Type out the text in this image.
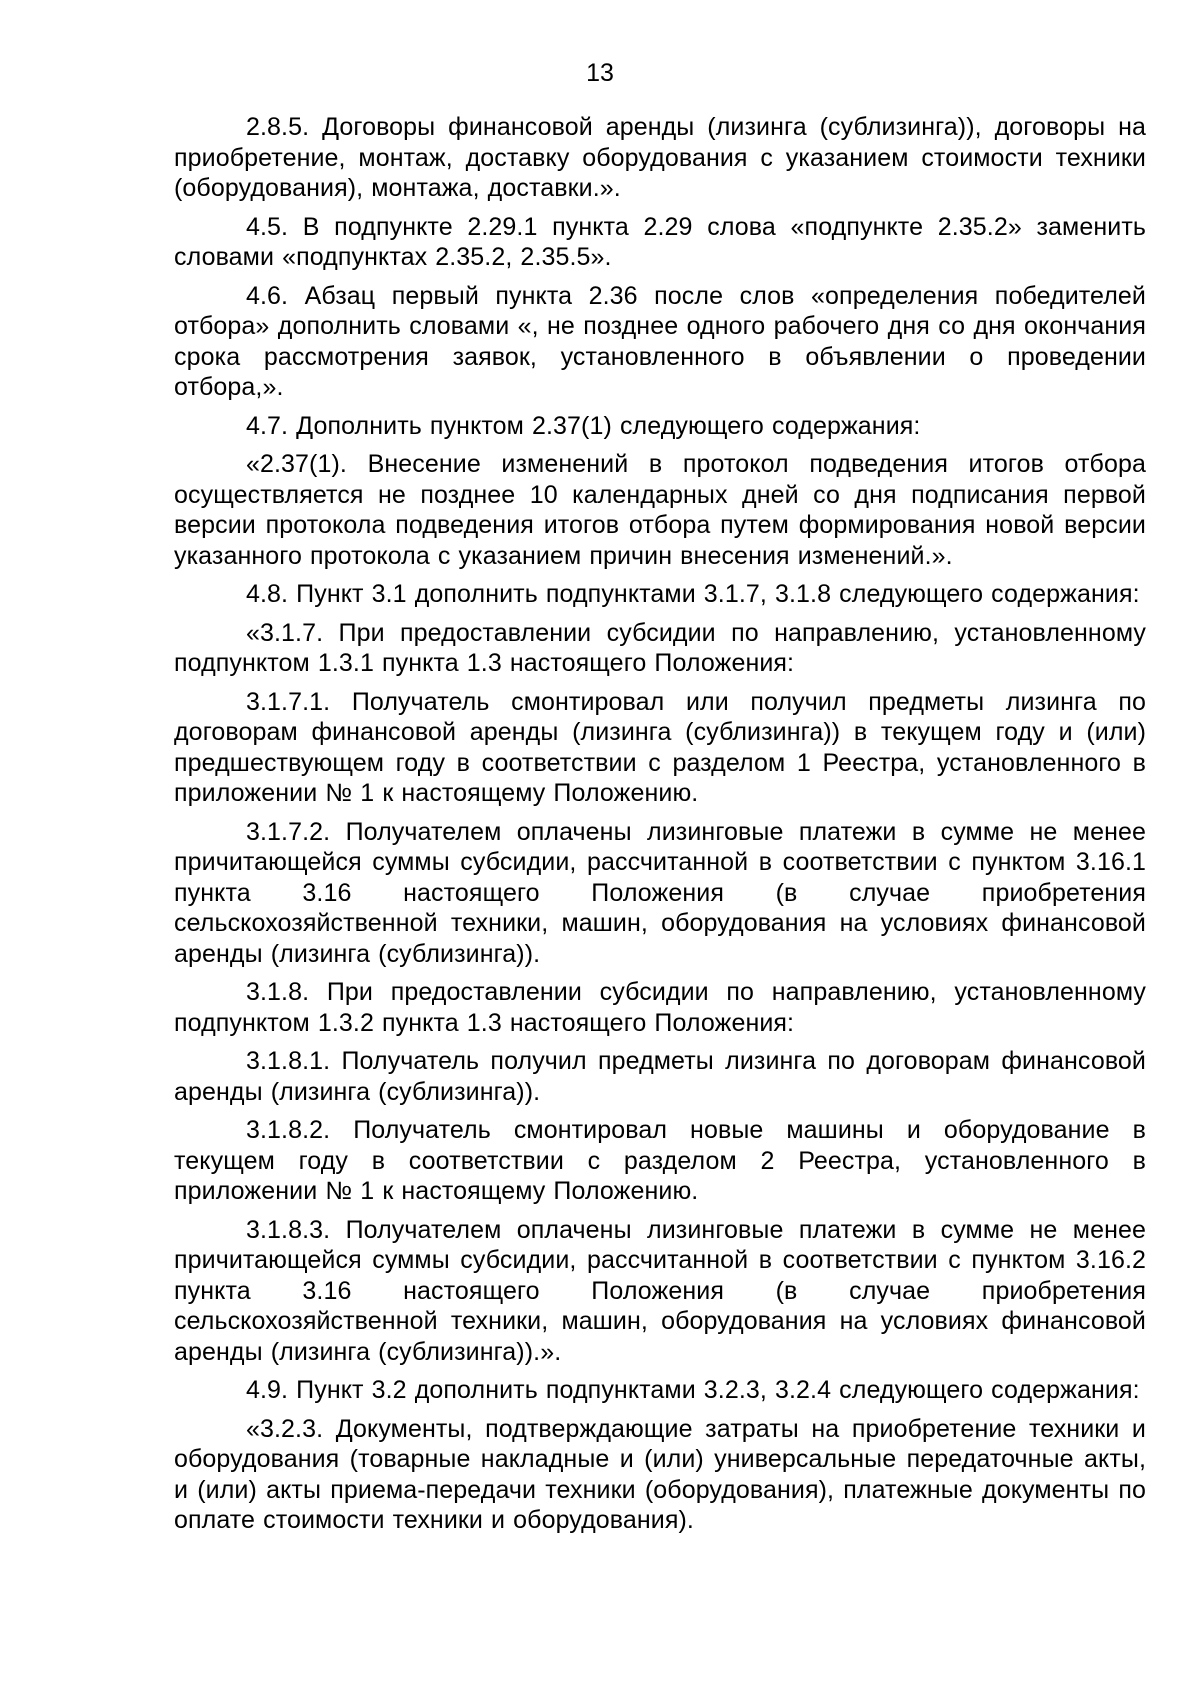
13

2.8.5. Договоры финансовой аренды (лизинга (сублизинга)), договоры на приобретение, монтаж, доставку оборудования с указанием стоимости техники (оборудования), монтажа, доставки.».

4.5. В подпункте 2.29.1 пункта 2.29 слова «подпункте 2.35.2» заменить словами «подпунктах 2.35.2, 2.35.5».

4.6. Абзац первый пункта 2.36 после слов «определения победителей отбора» дополнить словами «, не позднее одного рабочего дня со дня окончания срока рассмотрения заявок, установленного в объявлении о проведении отбора,».

4.7. Дополнить пунктом 2.37(1) следующего содержания:

«2.37(1). Внесение изменений в протокол подведения итогов отбора осуществляется не позднее 10 календарных дней со дня подписания первой версии протокола подведения итогов отбора путем формирования новой версии указанного протокола с указанием причин внесения изменений.».

4.8. Пункт 3.1 дополнить подпунктами 3.1.7, 3.1.8 следующего содержания:

«3.1.7. При предоставлении субсидии по направлению, установленному подпунктом 1.3.1 пункта 1.3 настоящего Положения:

3.1.7.1. Получатель смонтировал или получил предметы лизинга по договорам финансовой аренды (лизинга (сублизинга)) в текущем году и (или) предшествующем году в соответствии с разделом 1 Реестра, установленного в приложении № 1 к настоящему Положению.

3.1.7.2. Получателем оплачены лизинговые платежи в сумме не менее причитающейся суммы субсидии, рассчитанной в соответствии с пунктом 3.16.1 пункта 3.16 настоящего Положения (в случае приобретения сельскохозяйственной техники, машин, оборудования на условиях финансовой аренды (лизинга (сублизинга)).

3.1.8. При предоставлении субсидии по направлению, установленному подпунктом 1.3.2 пункта 1.3 настоящего Положения:

3.1.8.1. Получатель получил предметы лизинга по договорам финансовой аренды (лизинга (сублизинга)).

3.1.8.2. Получатель смонтировал новые машины и оборудование в текущем году в соответствии с разделом 2 Реестра, установленного в приложении № 1 к настоящему Положению.

3.1.8.3. Получателем оплачены лизинговые платежи в сумме не менее причитающейся суммы субсидии, рассчитанной в соответствии с пунктом 3.16.2 пункта 3.16 настоящего Положения (в случае приобретения сельскохозяйственной техники, машин, оборудования на условиях финансовой аренды (лизинга (сублизинга)).».

4.9. Пункт 3.2 дополнить подпунктами 3.2.3, 3.2.4 следующего содержания:

«3.2.3. Документы, подтверждающие затраты на приобретение техники и оборудования (товарные накладные и (или) универсальные передаточные акты, и (или) акты приема-передачи техники (оборудования), платежные документы по оплате стоимости техники и оборудования).
